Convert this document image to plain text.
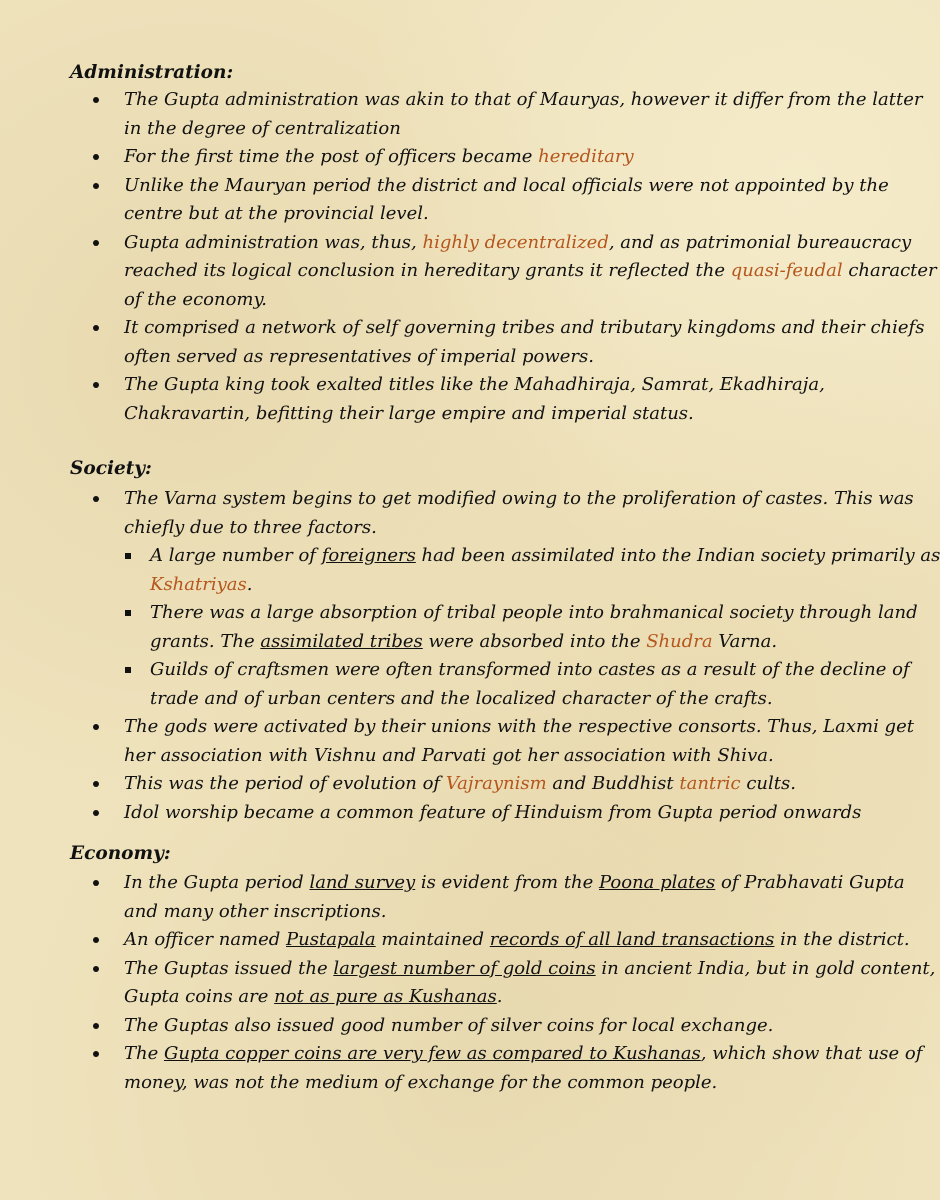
Administration:
The Gupta administration was akin to that of Mauryas, however it differ from the latter
in the degree of centralization
For the first time the post of officers became hereditary
Unlike the Mauryan period the district and local officials were not appointed by the
centre but at the provincial level.
Gupta administration was, thus, highly decentralized, and as patrimonial bureaucracy
reached its logical conclusion in hereditary grants it reflected the quasi-feudal character
of the economy.
It comprised a network of self governing tribes and tributary kingdoms and their chiefs
often served as representatives of imperial powers.
The Gupta king took exalted titles like the Mahadhiraja, Samrat, Ekadhiraja,
Chakravartin, befitting their large empire and imperial status.
Society:
The Varna system begins to get modified owing to the proliferation of castes. This was
chiefly due to three factors.
A large number of foreigners had been assimilated into the Indian society primarily as
Kshatriyas.
There was a large absorption of tribal people into brahmanical society through land
grants. The assimilated tribes were absorbed into the Shudra Varna.
Guilds of craftsmen were often transformed into castes as a result of the decline of
trade and of urban centers and the localized character of the crafts.
The gods were activated by their unions with the respective consorts. Thus, Laxmi get
her association with Vishnu and Parvati got her association with Shiva.
This was the period of evolution of Vajraynism and Buddhist tantric cults.
Idol worship became a common feature of Hinduism from Gupta period onwards
Economy:
In the Gupta period land survey is evident from the Poona plates of Prabhavati Gupta
and many other inscriptions.
An officer named Pustapala maintained records of all land transactions in the district.
The Guptas issued the largest number of gold coins in ancient India, but in gold content,
Gupta coins are not as pure as Kushanas.
The Guptas also issued good number of silver coins for local exchange.
The Gupta copper coins are very few as compared to Kushanas, which show that use of
money, was not the medium of exchange for the common people.
